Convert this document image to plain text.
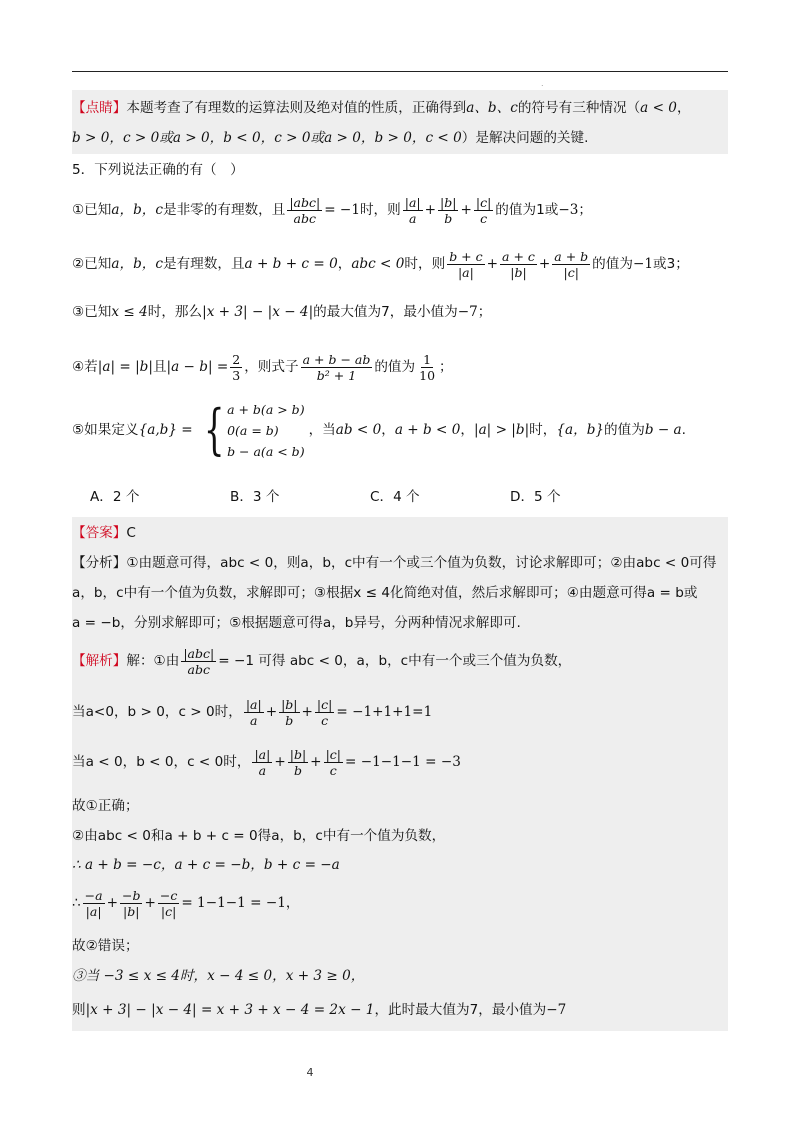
.
【点睛】 本题考查了有理数的运算法则及绝对值的性质，正确得到 a、b、c 的符号有三种情况（ a < 0 ，
b > 0，c > 0或a > 0，b < 0，c > 0或a > 0，b > 0，c < 0 ）是解决问题的关键.
5．下列说法正确的有（　）
①已知 a，b，c 是非零的有理数，且 $\frac{\text{|abc|}}{\text{abc}} = -1$ 时，则 $\frac{|a|}{a} + \frac{|b|}{b} + \frac{|c|}{c}$ 的值为1或 −3 ；
②已知 a，b，c 是有理数，且 a + b + c = 0 ， abc < 0 时，则 $\frac{b + c}{|a|} + \frac{a + c}{|b|} + \frac{a + b}{|c|}$ 的值为 −1 或3；
③已知 x ≤ 4 时，那么 |x + 3| − |x − 4| 的最大值为7，最小值为 −7 ；
④若 |a| = |b| 且 $|a - b| = \frac{2}{3}$ ，则式子 $\frac{a + b - ab}{\text{b² + 1}}$ 的值为 $\frac{1}{10}$ ；
⑤如果定义 {a,b} = { a + b(a > b)
0(a = b)
b − a(a < b)
，当 ab < 0 ， a + b < 0 ， |a| > |b| 时， {a，b} 的值为 b − a .
A．2 个	B．3 个	C．4 个	D．5 个
【答案】 C
【分析】 ①由题意可得，abc < 0，则a，b，c中有一个或三个值为负数，讨论求解即可；②由abc < 0可得
a，b，c中有一个值为负数，求解即可；③根据x ≤ 4化简绝对值，然后求解即可；④由题意可得a = b或
a = −b，分别求解即可；⑤根据题意可得a，b异号，分两种情况求解即可.
【解析】 解：①由 $\frac{\text{|abc|}}{\text{abc}} = -1$ 可得 abc < 0，a，b，c中有一个或三个值为负数，
当a<0，b > 0，c > 0时， $\frac{|a|}{a} + \frac{|b|}{b} + \frac{|c|}{c} = -1+1+1=1$
当a < 0，b < 0，c < 0时， $\frac{|a|}{a} + \frac{|b|}{b} + \frac{|c|}{c} = -1-1-1 = -3$
故①正确；
②由abc < 0和a + b + c = 0得a，b，c中有一个值为负数，
∴ a + b = −c，a + c = −b，b + c = −a
∴ $\frac{-a}{|a|} + \frac{-b}{|b|} + \frac{-c}{|c|} = 1-1-1 = -1$，
故②错误；
③当 −3 ≤ x ≤ 4时，x − 4 ≤ 0，x + 3 ≥ 0，
则 |x + 3| − |x − 4| = x + 3 + x − 4 = 2x − 1 ，此时最大值为7，最小值为 −7
4
